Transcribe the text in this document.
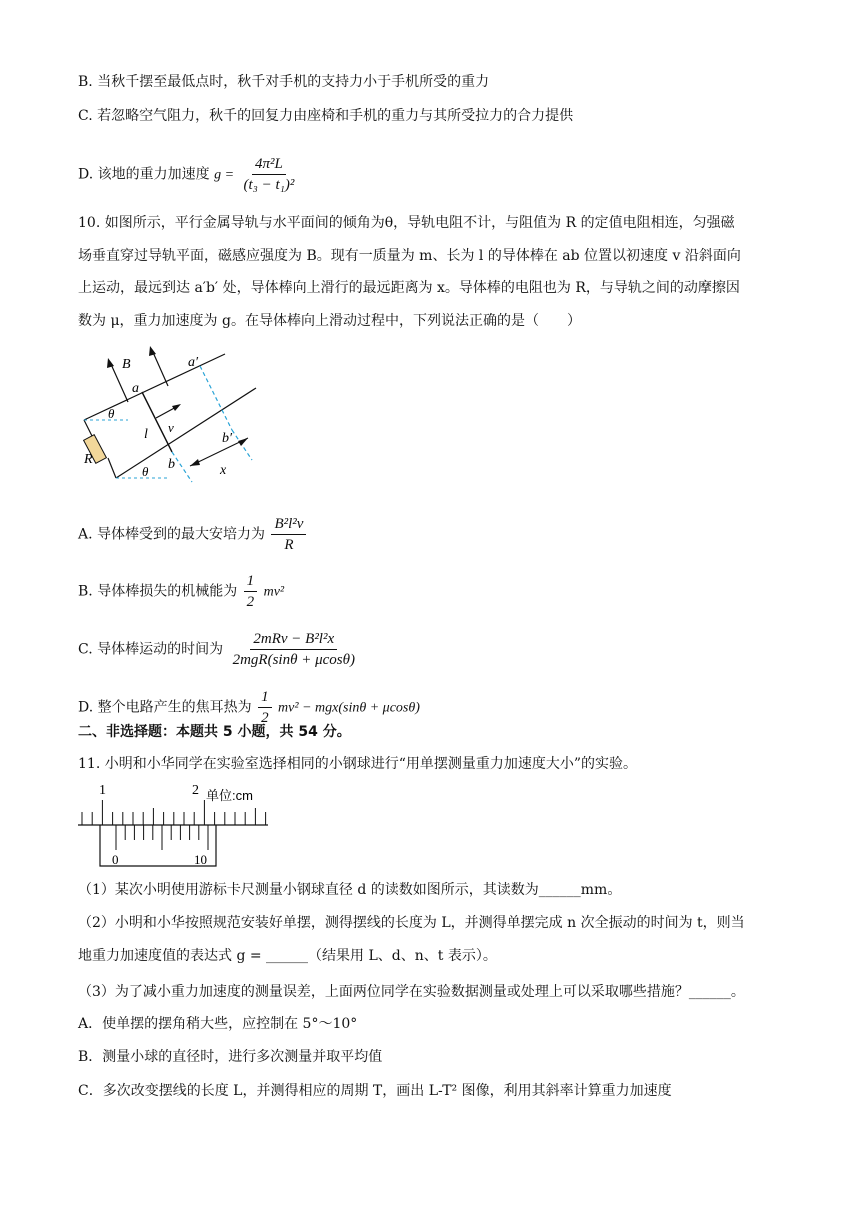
B. 当秋千摆至最低点时，秋千对手机的支持力小于手机所受的重力
C. 若忽略空气阻力，秋千的回复力由座椅和手机的重力与其所受拉力的合力提供
D. 该地的重力加速度 $g = \frac{\text{4π²L}}{\text{(t₃ − t₁)²}}$
10. 如图所示，平行金属导轨与水平面间的倾角为θ，导轨电阻不计，与阻值为 R 的定值电阻相连，匀强磁
场垂直穿过导轨平面，磁感应强度为 B。现有一质量为 m、长为 l 的导体棒在 ab 位置以初速度 v 沿斜面向
上运动，最远到达 a′b′ 处，导体棒向上滑行的最远距离为 x。导体棒的电阻也为 R，与导轨之间的动摩擦因
数为 μ，重力加速度为 g。在导体棒向上滑动过程中，下列说法正确的是（　　）
B
a
a′
θ
v
l
R
θ b
b′
x
A. 导体棒受到的最大安培力为 $\frac{\text{B²l²v}}{R}$
B. 导体棒损失的机械能为 $\frac{1}{2} mv^2$
C. 导体棒运动的时间为 $\frac{\text{2mRv − B²l²x}}{\text{2mgR(sinθ + μcosθ)}}$
D. 整个电路产生的焦耳热为 $\frac{1}{2} mv^2 - mgx(\sin\theta + \mu\cos\theta)$
二、非选择题：本题共 5 小题，共 54 分。
11. 小明和小华同学在实验室选择相同的小钢球进行“用单摆测量重力加速度大小”的实验。
1	2 单位:cm
0	10
（1）某次小明使用游标卡尺测量小钢球直径 d 的读数如图所示，其读数为______mm。
（2）小明和小华按照规范安装好单摆，测得摆线的长度为 L，并测得单摆完成 n 次全振动的时间为 t，则当
地重力加速度值的表达式 g = ______（结果用 L、d、n、t 表示）。
（3）为了减小重力加速度的测量误差，上面两位同学在实验数据测量或处理上可以采取哪些措施？______。
A．使单摆的摆角稍大些，应控制在 5°～10°
B．测量小球的直径时，进行多次测量并取平均值
C．多次改变摆线的长度 L，并测得相应的周期 T，画出 L-T² 图像，利用其斜率计算重力加速度
